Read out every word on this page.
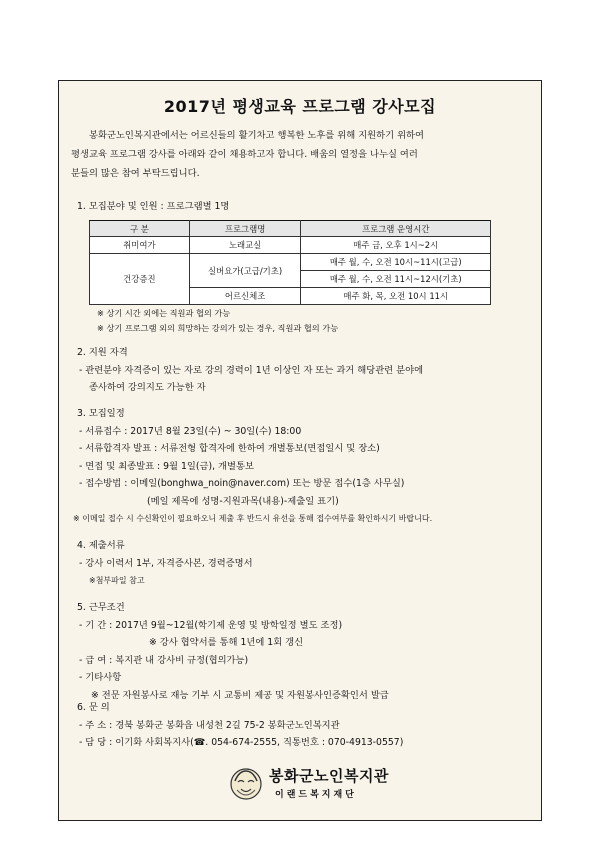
2017년 평생교육 프로그램 강사모집

봉화군노인복지관에서는 어르신들의 활기차고 행복한 노후를 위해 지원하기 위하여

평생교육 프로그램 강사를 아래와 같이 채용하고자 합니다. 배움의 열정을 나누실 여러

분들의 많은 참여 부탁드립니다.

1. 모집분야 및 인원 : 프로그램별 1명
구 분	프로그램명	프로그램 운영시간
취미여가	노래교실	매주 금, 오후 1시~2시
건강증진	실버요가(고급/기초)	매주 월, 수, 오전 10시~11시(고급)
		매주 월, 수, 오전 11시~12시(기초)
	어르신체조	매주 화, 목, 오전 10시 11시
※ 상기 시간 외에는 직원과 협의 가능
※ 상기 프로그램 외의 희망하는 강의가 있는 경우, 직원과 협의 가능
2. 지원 자격
- 관련분야 자격증이 있는 자로 강의 경력이 1년 이상인 자 또는 과거 해당관련 분야에
종사하여 강의지도 가능한 자
3. 모집일정
- 서류접수 : 2017년 8월 23일(수) ~ 30일(수) 18:00
- 서류합격자 발표 : 서류전형 합격자에 한하여 개별통보(면접일시 및 장소)
- 면접 및 최종발표 : 9월 1일(금), 개별통보
- 접수방법 : 이메일(bonghwa_noin@naver.com) 또는 방문 접수(1층 사무실)
(메일 제목에 성명-지원과목(내용)-제출일 표기)
※ 이메일 접수 시 수신확인이 필요하오니 제출 후 반드시 유선을 통해 접수여부를 확인하시기 바랍니다.
4. 제출서류
- 강사 이력서 1부, 자격증사본, 경력증명서
※첨부파일 참고
5. 근무조건
- 기 간 : 2017년 9월~12월(학기제 운영 및 방학일정 별도 조정)
※ 강사 협약서를 통해 1년에 1회 갱신
- 급 여 : 복지관 내 강사비 규정(협의가능)
- 기타사항
※ 전문 자원봉사로 재능 기부 시 교통비 제공 및 자원봉사인증확인서 발급
6. 문 의
- 주 소 : 경북 봉화군 봉화읍 내성천 2길 75-2 봉화군노인복지관
- 담 당 : 이기화 사회복지사(☎. 054-674-2555, 직통번호 : 070-4913-0557)
봉화군노인복지관
이랜드복지재단
